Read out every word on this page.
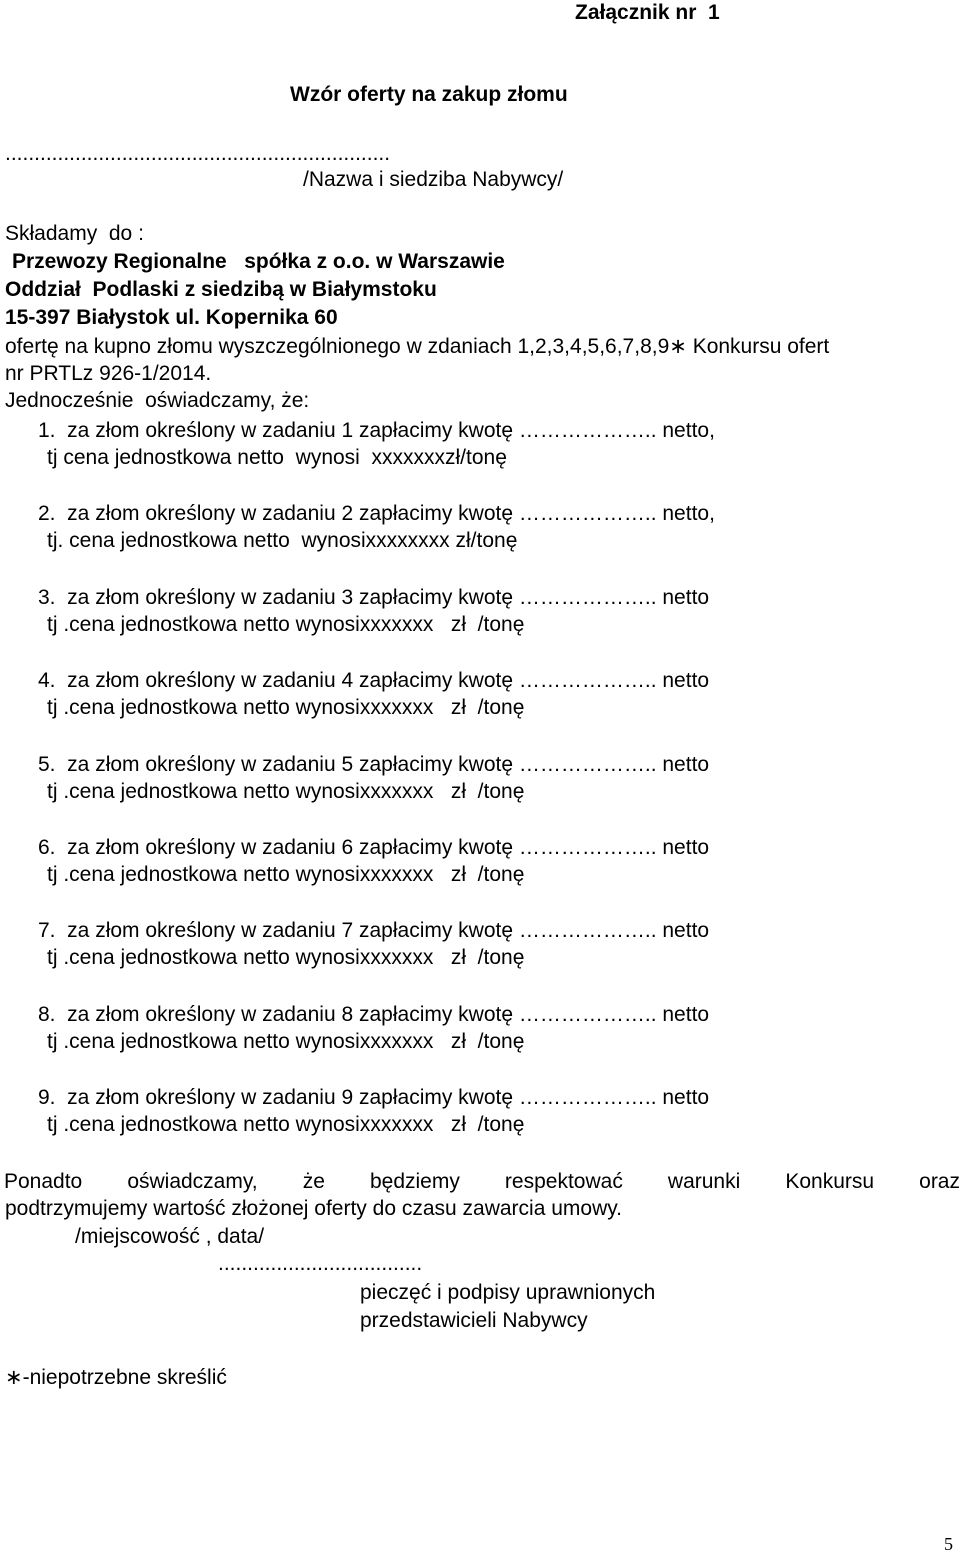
Załącznik nr  1
Wzór oferty na zakup złomu
..................................................................
/Nazwa i siedziba Nabywcy/
Składamy  do :
Przewozy Regionalne   spółka z o.o. w Warszawie
Oddział  Podlaski z siedzibą w Białymstoku
15-397 Białystok ul. Kopernika 60
ofertę na kupno złomu wyszczególnionego w zdaniach 1,2,3,4,5,6,7,8,9∗ Konkursu ofert
nr PRTLz 926-1/2014.
Jednocześnie  oświadczamy, że:
1.  za złom określony w zadaniu 1 zapłacimy kwotę ……………….. netto,
tj cena jednostkowa netto  wynosi  xxxxxxxzł/tonę
2.  za złom określony w zadaniu 2 zapłacimy kwotę ……………….. netto,
tj. cena jednostkowa netto  wynosixxxxxxxx zł/tonę
3.  za złom określony w zadaniu 3 zapłacimy kwotę ……………….. netto
tj .cena jednostkowa netto wynosixxxxxxx   zł  /tonę
4.  za złom określony w zadaniu 4 zapłacimy kwotę ……………….. netto
tj .cena jednostkowa netto wynosixxxxxxx   zł  /tonę
5.  za złom określony w zadaniu 5 zapłacimy kwotę ……………….. netto
tj .cena jednostkowa netto wynosixxxxxxx   zł  /tonę
6.  za złom określony w zadaniu 6 zapłacimy kwotę ……………….. netto
tj .cena jednostkowa netto wynosixxxxxxx   zł  /tonę
7.  za złom określony w zadaniu 7 zapłacimy kwotę ……………….. netto
tj .cena jednostkowa netto wynosixxxxxxx   zł  /tonę
8.  za złom określony w zadaniu 8 zapłacimy kwotę ……………….. netto
tj .cena jednostkowa netto wynosixxxxxxx   zł  /tonę
9.  za złom określony w zadaniu 9 zapłacimy kwotę ……………….. netto
tj .cena jednostkowa netto wynosixxxxxxx   zł  /tonę
Ponadto oświadczamy, że będziemy respektować warunki Konkursu oraz
podtrzymujemy wartość złożonej oferty do czasu zawarcia umowy.
/miejscowość , data/
...................................
pieczęć i podpisy uprawnionych
przedstawicieli Nabywcy
∗-niepotrzebne skreślić
5
